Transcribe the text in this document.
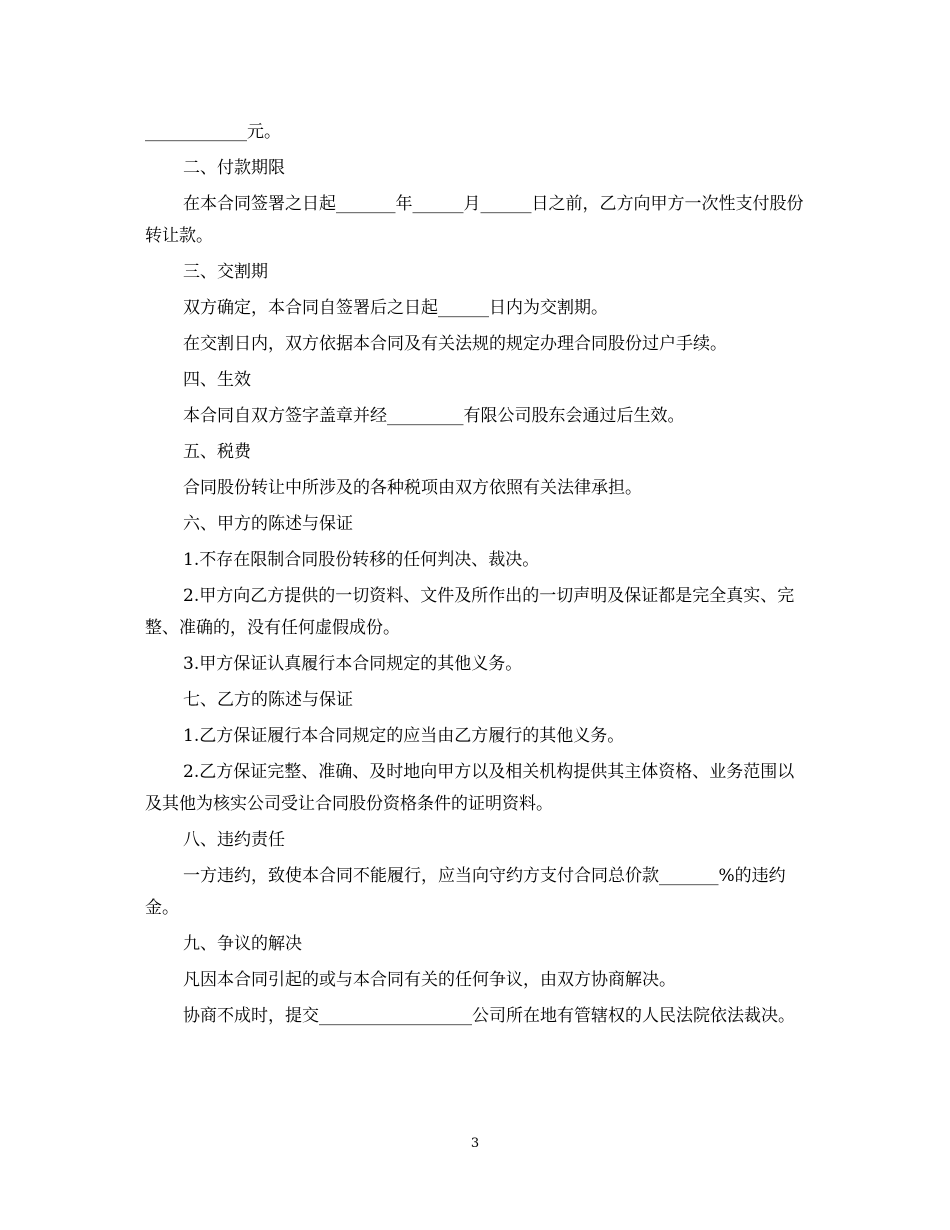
____________元。

二、付款期限

在本合同签署之日起_______年______月______日之前，乙方向甲方一次性支付股份转让款。

三、交割期

双方确定，本合同自签署后之日起______日内为交割期。

在交割日内，双方依据本合同及有关法规的规定办理合同股份过户手续。

四、生效

本合同自双方签字盖章并经_________有限公司股东会通过后生效。

五、税费

合同股份转让中所涉及的各种税项由双方依照有关法律承担。

六、甲方的陈述与保证

1.不存在限制合同股份转移的任何判决、裁决。

2.甲方向乙方提供的一切资料、文件及所作出的一切声明及保证都是完全真实、完整、准确的，没有任何虚假成份。

3.甲方保证认真履行本合同规定的其他义务。

七、乙方的陈述与保证

1.乙方保证履行本合同规定的应当由乙方履行的其他义务。

2.乙方保证完整、准确、及时地向甲方以及相关机构提供其主体资格、业务范围以及其他为核实公司受让合同股份资格条件的证明资料。

八、违约责任

一方违约，致使本合同不能履行，应当向守约方支付合同总价款_______%的违约金。

九、争议的解决

凡因本合同引起的或与本合同有关的任何争议，由双方协商解决。

协商不成时，提交__________________公司所在地有管辖权的人民法院依法裁决。

3
